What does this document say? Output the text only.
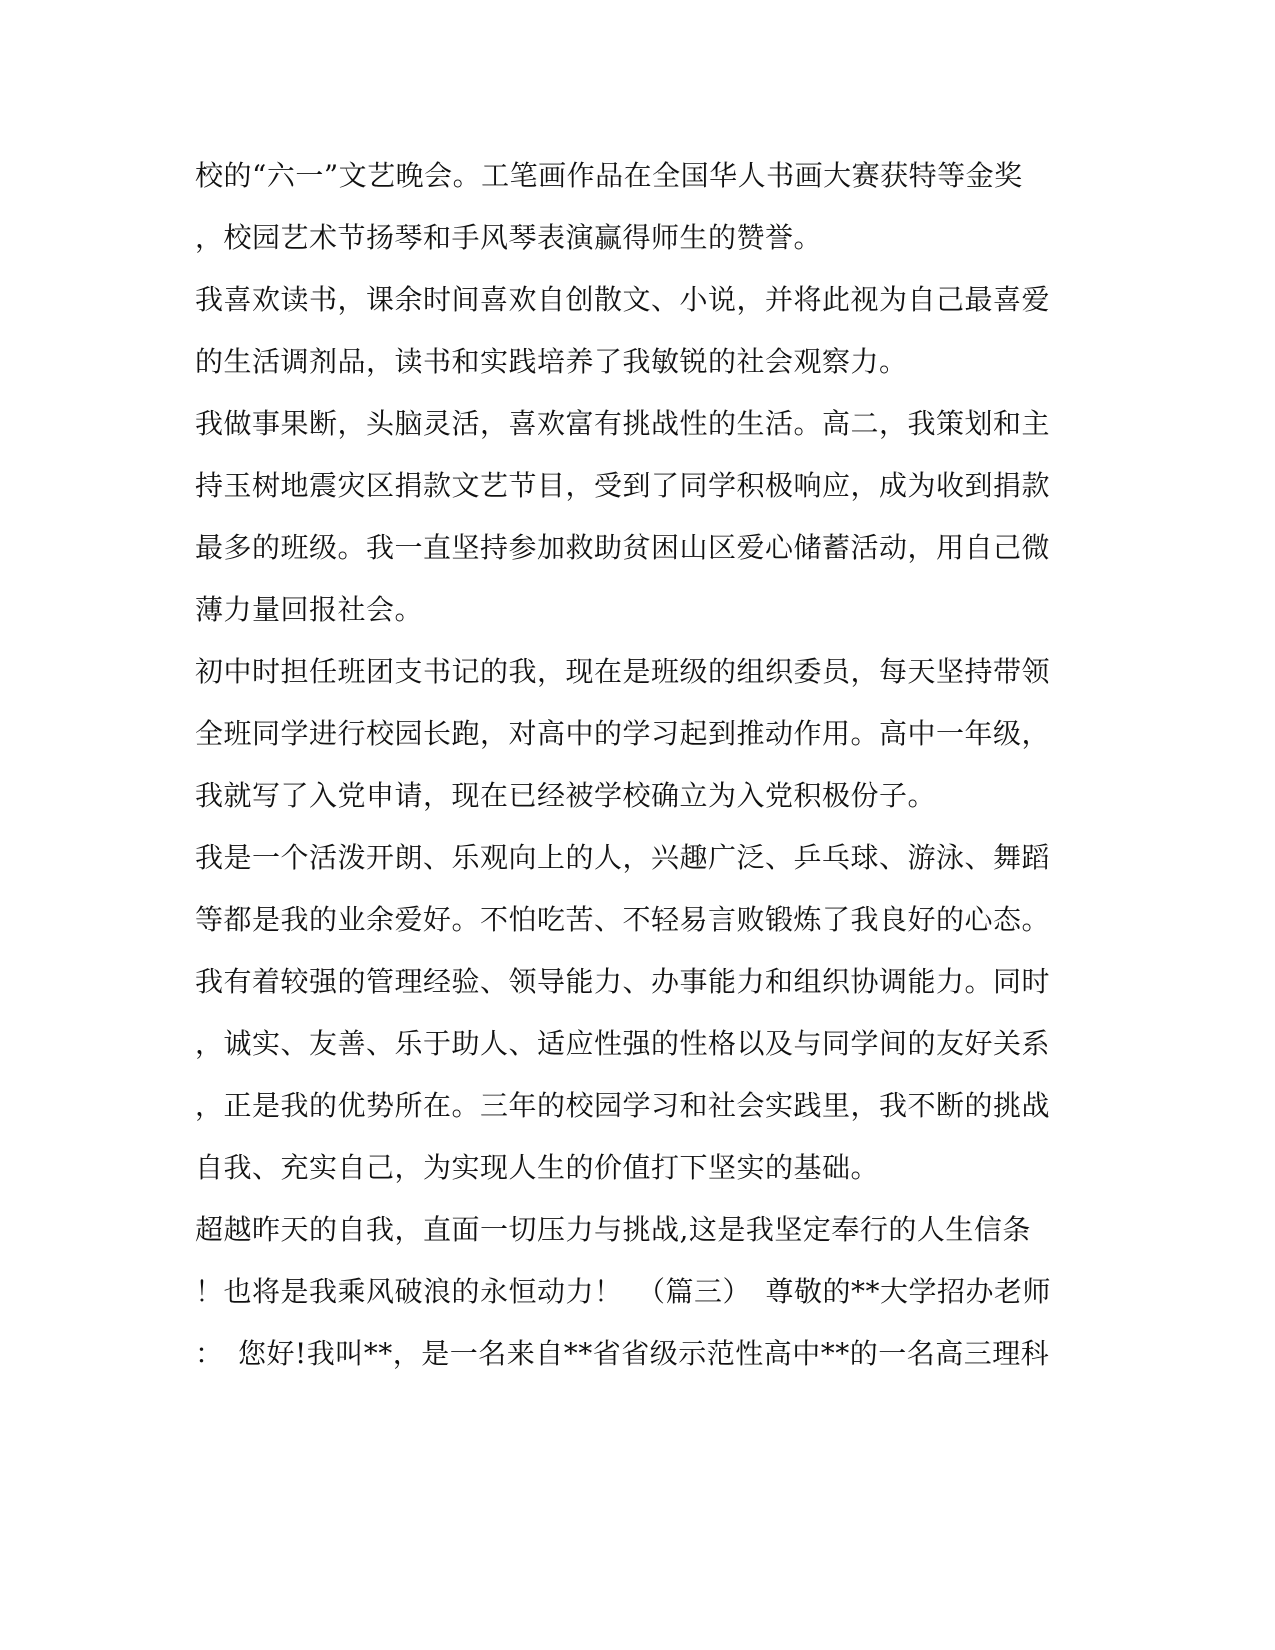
校的“六一”文艺晚会。工笔画作品在全国华人书画大赛获特等金奖
，校园艺术节扬琴和手风琴表演赢得师生的赞誉。
我喜欢读书，课余时间喜欢自创散文、小说，并将此视为自己最喜爱
的生活调剂品，读书和实践培养了我敏锐的社会观察力。
我做事果断，头脑灵活，喜欢富有挑战性的生活。高二，我策划和主
持玉树地震灾区捐款文艺节目，受到了同学积极响应，成为收到捐款
最多的班级。我一直坚持参加救助贫困山区爱心储蓄活动，用自己微
薄力量回报社会。
初中时担任班团支书记的我，现在是班级的组织委员，每天坚持带领
全班同学进行校园长跑，对高中的学习起到推动作用。高中一年级，
我就写了入党申请，现在已经被学校确立为入党积极份子。
我是一个活泼开朗、乐观向上的人，兴趣广泛、乒乓球、游泳、舞蹈
等都是我的业余爱好。不怕吃苦、不轻易言败锻炼了我良好的心态。
我有着较强的管理经验、领导能力、办事能力和组织协调能力。同时
，诚实、友善、乐于助人、适应性强的性格以及与同学间的友好关系
，正是我的优势所在。三年的校园学习和社会实践里，我不断的挑战
自我、充实自己，为实现人生的价值打下坚实的基础。
超越昨天的自我，直面一切压力与挑战,这是我坚定奉行的人生信条
！也将是我乘风破浪的永恒动力！　（篇三）　尊敬的**大学招办老师
：　您好!我叫**，是一名来自**省省级示范性高中**的一名高三理科
